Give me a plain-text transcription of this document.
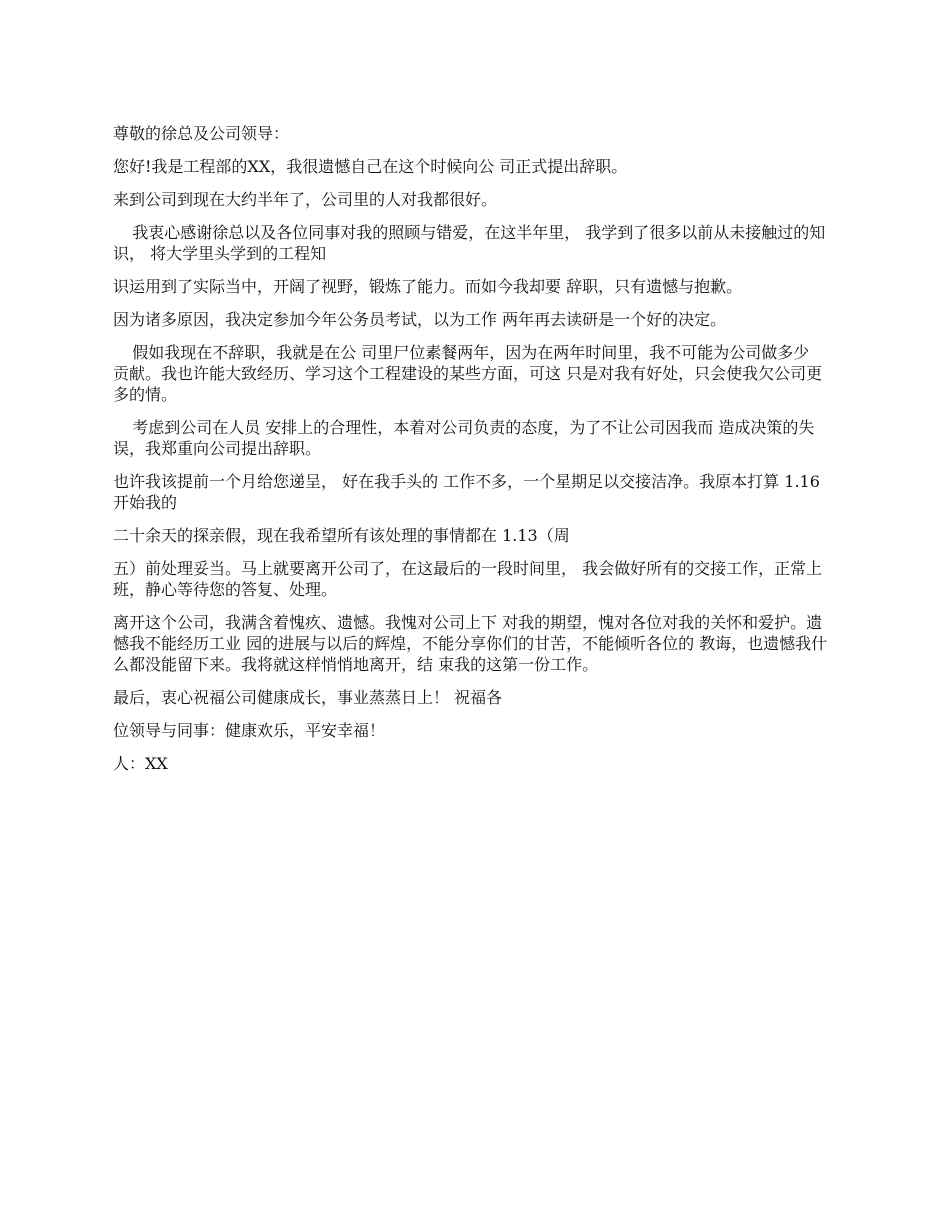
尊敬的徐总及公司领导：

您好!我是工程部的XX，我很遗憾自己在这个时候向公 司正式提出辞职。

来到公司到现在大约半年了，公司里的人对我都很好。

我衷心感谢徐总以及各位同事对我的照顾与错爱，在这半年里， 我学到了很多以前从未接触过的知识， 将大学里头学到的工程知

识运用到了实际当中，开阔了视野，锻炼了能力。而如今我却要 辞职，只有遗憾与抱歉。

因为诸多原因，我决定参加今年公务员考试，以为工作 两年再去读研是一个好的决定。

假如我现在不辞职，我就是在公 司里尸位素餐两年，因为在两年时间里，我不可能为公司做多少 贡献。我也许能大致经历、学习这个工程建设的某些方面，可这 只是对我有好处，只会使我欠公司更多的情。

考虑到公司在人员 安排上的合理性，本着对公司负责的态度，为了不让公司因我而 造成决策的失误，我郑重向公司提出辞职。

也许我该提前一个月给您递呈， 好在我手头的 工作不多，一个星期足以交接洁净。我原本打算 1.16 开始我的

二十余天的探亲假，现在我希望所有该处理的事情都在 1.13（周

五）前处理妥当。马上就要离开公司了，在这最后的一段时间里， 我会做好所有的交接工作，正常上班，静心等待您的答复、处理。

离开这个公司，我满含着愧疚、遗憾。我愧对公司上下 对我的期望，愧对各位对我的关怀和爱护。遗憾我不能经历工业 园的进展与以后的辉煌，不能分享你们的甘苦，不能倾听各位的 教诲，也遗憾我什么都没能留下来。我将就这样悄悄地离开，结 束我的这第一份工作。

最后，衷心祝福公司健康成长，事业蒸蒸日上！ 祝福各

位领导与同事：健康欢乐，平安幸福！

人：XX
